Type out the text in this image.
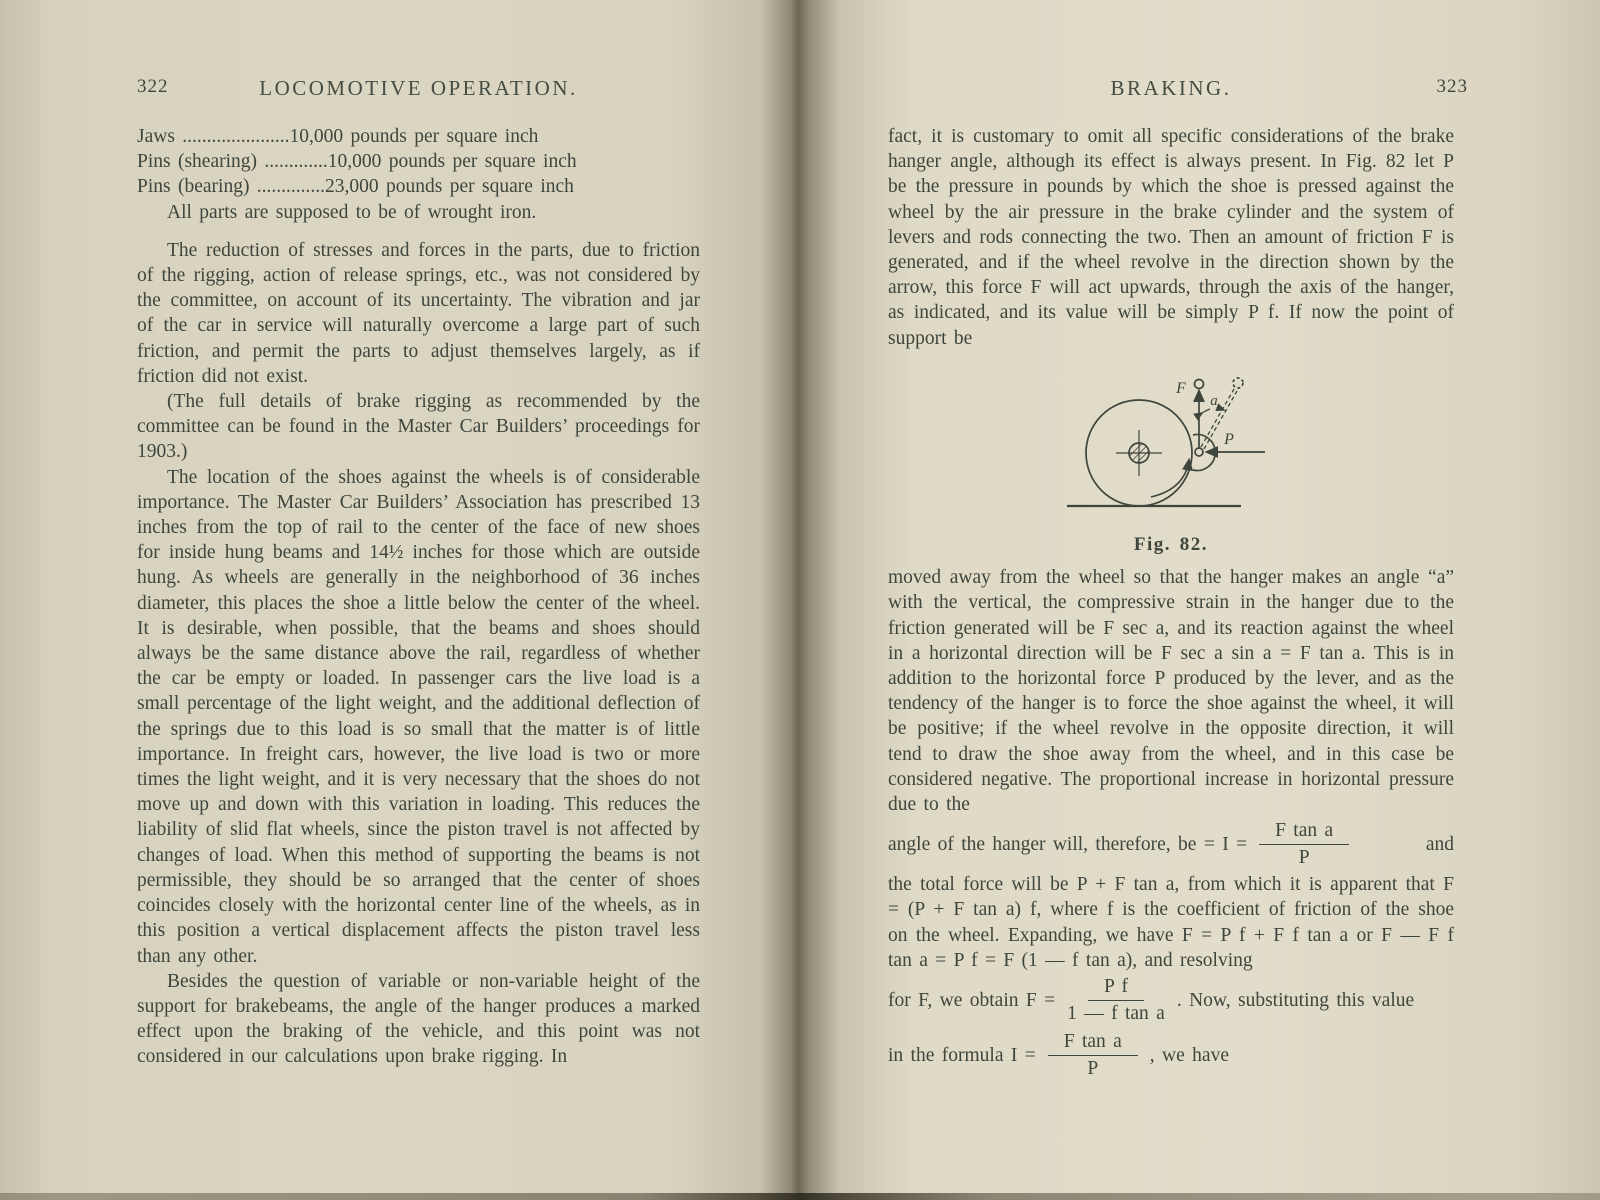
322	LOCOMOTIVE OPERATION.
Jaws ......................10,000 pounds per square inch
Pins (shearing) .............10,000 pounds per square inch
Pins (bearing) ..............23,000 pounds per square inch
All parts are supposed to be of wrought iron.

The reduction of stresses and forces in the parts, due to friction of the rigging, action of release springs, etc., was not considered by the committee, on account of its uncertainty. The vibration and jar of the car in service will naturally overcome a large part of such friction, and permit the parts to adjust themselves largely, as if friction did not exist.

(The full details of brake rigging as recommended by the committee can be found in the Master Car Builders’ proceedings for 1903.)

The location of the shoes against the wheels is of considerable importance. The Master Car Builders’ Association has prescribed 13 inches from the top of rail to the center of the face of new shoes for inside hung beams and 14½ inches for those which are outside hung. As wheels are generally in the neighborhood of 36 inches diameter, this places the shoe a little below the center of the wheel. It is desirable, when possible, that the beams and shoes should always be the same distance above the rail, regardless of whether the car be empty or loaded. In passenger cars the live load is a small percentage of the light weight, and the additional deflection of the springs due to this load is so small that the matter is of little importance. In freight cars, however, the live load is two or more times the light weight, and it is very necessary that the shoes do not move up and down with this variation in loading. This reduces the liability of slid flat wheels, since the piston travel is not affected by changes of load. When this method of supporting the beams is not permissible, they should be so arranged that the center of shoes coincides closely with the horizontal center line of the wheels, as in this position a vertical displacement affects the piston travel less than any other.

Besides the question of variable or non-variable height of the support for brakebeams, the angle of the hanger produces a marked effect upon the braking of the vehicle, and this point was not considered in our calculations upon brake rigging. In

BRAKING.	323

fact, it is customary to omit all specific considerations of the brake hanger angle, although its effect is always present. In Fig. 82 let P be the pressure in pounds by which the shoe is pressed against the wheel by the air pressure in the brake cylinder and the system of levers and rods connecting the two. Then an amount of friction F is generated, and if the wheel revolve in the direction shown by the arrow, this force F will act upwards, through the axis of the hanger, as indicated, and its value will be simply P f. If now the point of support be

F
a
P
Fig. 82.

moved away from the wheel so that the hanger makes an angle “a” with the vertical, the compressive strain in the hanger due to the friction generated will be F sec a, and its reaction against the wheel in a horizontal direction will be F sec a sin a = F tan a. This is in addition to the horizontal force P produced by the lever, and as the tendency of the hanger is to force the shoe against the wheel, it will be positive; if the wheel revolve in the opposite direction, it will tend to draw the shoe away from the wheel, and in this case be considered negative. The proportional increase in horizontal pressure due to the

angle of the hanger will, therefore, be = $I = \frac{\text{F tan a}}{P}$	and

the total force will be P + F tan a, from which it is apparent that F = (P + F tan a) f, where f is the coefficient of friction of the shoe on the wheel. Expanding, we have F = P f + F f tan a or F — F f tan a = P f = F (1 — f tan a), and resolving

for F, we obtain $F = \frac{\text{P f}}{\text{1 — f tan a}}$ . Now, substituting this value
in the formula $I = \frac{\text{F tan a}}{P}$ , we have
